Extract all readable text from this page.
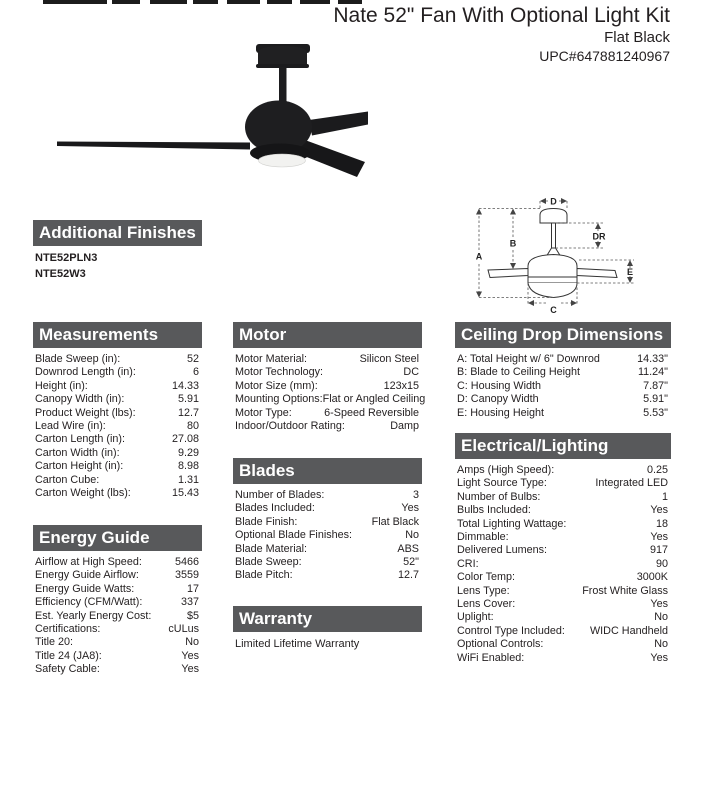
Nate 52" Fan With Optional Light Kit
Flat Black
UPC#647881240967
A
B
C
D
DR
E
Additional Finishes
NTE52PLN3
NTE52W3
Measurements
Blade Sweep (in):	52
Downrod Length (in):	6
Height (in):	14.33
Canopy Width (in):	5.91
Product Weight (lbs):	12.7
Lead Wire (in):	80
Carton Length (in):	27.08
Carton Width (in):	9.29
Carton Height (in):	8.98
Carton Cube:	1.31
Carton Weight (lbs):	15.43
Energy Guide
Airflow at High Speed:	5466
Energy Guide Airflow:	3559
Energy Guide Watts:	17
Efficiency (CFM/Watt):	337
Est. Yearly Energy Cost:	$5
Certifications:	cULus
Title 20:	No
Title 24 (JA8):	Yes
Safety Cable:	Yes
Motor
Motor Material:	Silicon Steel
Motor Technology:	DC
Motor Size (mm):	123x15
Mounting Options: Flat or Angled Ceiling
Motor Type:	6-Speed Reversible
Indoor/Outdoor Rating:	Damp
Blades
Number of Blades:	3
Blades Included:	Yes
Blade Finish:	Flat Black
Optional Blade Finishes:	No
Blade Material:	ABS
Blade Sweep:	52"
Blade Pitch:	12.7
Warranty
Limited Lifetime Warranty
Ceiling Drop Dimensions
A: Total Height w/ 6" Downrod	14.33"
B: Blade to Ceiling Height	11.24"
C: Housing Width	7.87"
D: Canopy Width	5.91"
E: Housing Height	5.53"
Electrical/Lighting
Amps (High Speed):	0.25
Light Source Type:	Integrated LED
Number of Bulbs:	1
Bulbs Included:	Yes
Total Lighting Wattage:	18
Dimmable:	Yes
Delivered Lumens:	917
CRI:	90
Color Temp:	3000K
Lens Type:	Frost White Glass
Lens Cover:	Yes
Uplight:	No
Control Type Included: WIDC Handheld
Optional Controls:	No
WiFi Enabled:	Yes
